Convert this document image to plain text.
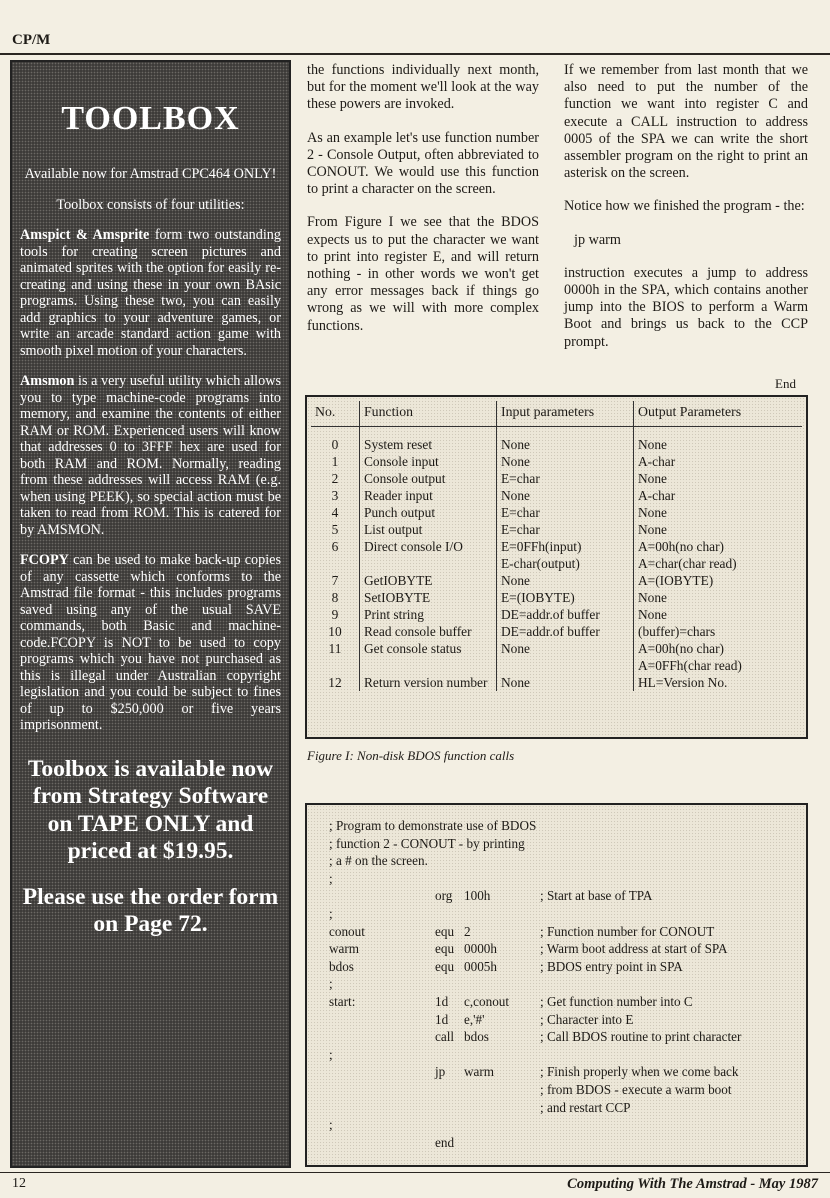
CP/M
TOOLBOX

Available now for Amstrad CPC464 ONLY!

Toolbox consists of four utilities:

Amspict & Amsprite form two outstanding tools for creating screen pictures and animated sprites with the option for easily re-creating and using these in your own BAsic programs. Using these two, you can easily add graphics to your adventure games, or write an arcade standard action game with smooth pixel motion of your characters.

Amsmon is a very useful utility which allows you to type machine-code programs into memory, and examine the contents of either RAM or ROM. Experienced users will know that addresses 0 to 3FFF hex are used for both RAM and ROM. Normally, reading from these addresses will access RAM (e.g. when using PEEK), so special action must be taken to read from ROM. This is catered for by AMSMON.

FCOPY can be used to make back-up copies of any cassette which conforms to the Amstrad file format - this includes programs saved using any of the usual SAVE commands, both Basic and machine-code.FCOPY is NOT to be used to copy programs which you have not purchased as this is illegal under Australian copyright legislation and you could be subject to fines of up to $250,000 or five years imprisonment.

Toolbox is available now from Strategy Software on TAPE ONLY and priced at $19.95.
Please use the order form on Page 72.

the functions individually next month, but for the moment we'll look at the way these powers are invoked.

As an example let's use function number 2 - Console Output, often abbreviated to CONOUT. We would use this function to print a character on the screen.

From Figure I we see that the BDOS expects us to put the character we want to print into register E, and will return nothing - in other words we won't get any error messages back if things go wrong as we will with more complex functions.

If we remember from last month that we also need to put the number of the function we want into register C and execute a CALL instruction to address 0005 of the SPA we can write the short assembler program on the right to print an asterisk on the screen.

Notice how we finished the program - the:

jp warm

instruction executes a jump to address 0000h in the SPA, which contains another jump into the BIOS to perform a Warm Boot and brings us back to the CCP prompt.

End
No.	Function	Input parameters	Output Parameters

0	System reset	None	None
1	Console input	None	A-char
2	Console output	E=char	None
3	Reader input	None	A-char
4	Punch output	E=char	None
5	List output	E=char	None
6	Direct console I/O	E=0FFh(input)	A=00h(no char)
		E-char(output)	A=char(char read)
7	GetIOBYTE	None	A=(IOBYTE)
8	SetIOBYTE	E=(IOBYTE)	None
9	Print string	DE=addr.of buffer	None
10	Read console buffer	DE=addr.of buffer	(buffer)=chars
11	Get console status	None	A=00h(no char)
			A=0FFh(char read)
12	Return version number	None	HL=Version No.
Figure I: Non-disk BDOS function calls
; Program to demonstrate use of BDOS
; function 2 - CONOUT - by printing
; a # on the screen.
;
org 100h	; Start at base of TPA
;
conout	equ 2	; Function number for CONOUT
warm	equ 0000h	; Warm boot address at start of SPA
bdos	equ 0005h	; BDOS entry point in SPA
;
start:	1d c,conout ; Get function number into C
1d e,'#'	; Character into E
call bdos	; Call BDOS routine to print character
;
jp warm	; Finish properly when we come back
; from BDOS - execute a warm boot
; and restart CCP
;
end
12	Computing With The Amstrad - May 1987
